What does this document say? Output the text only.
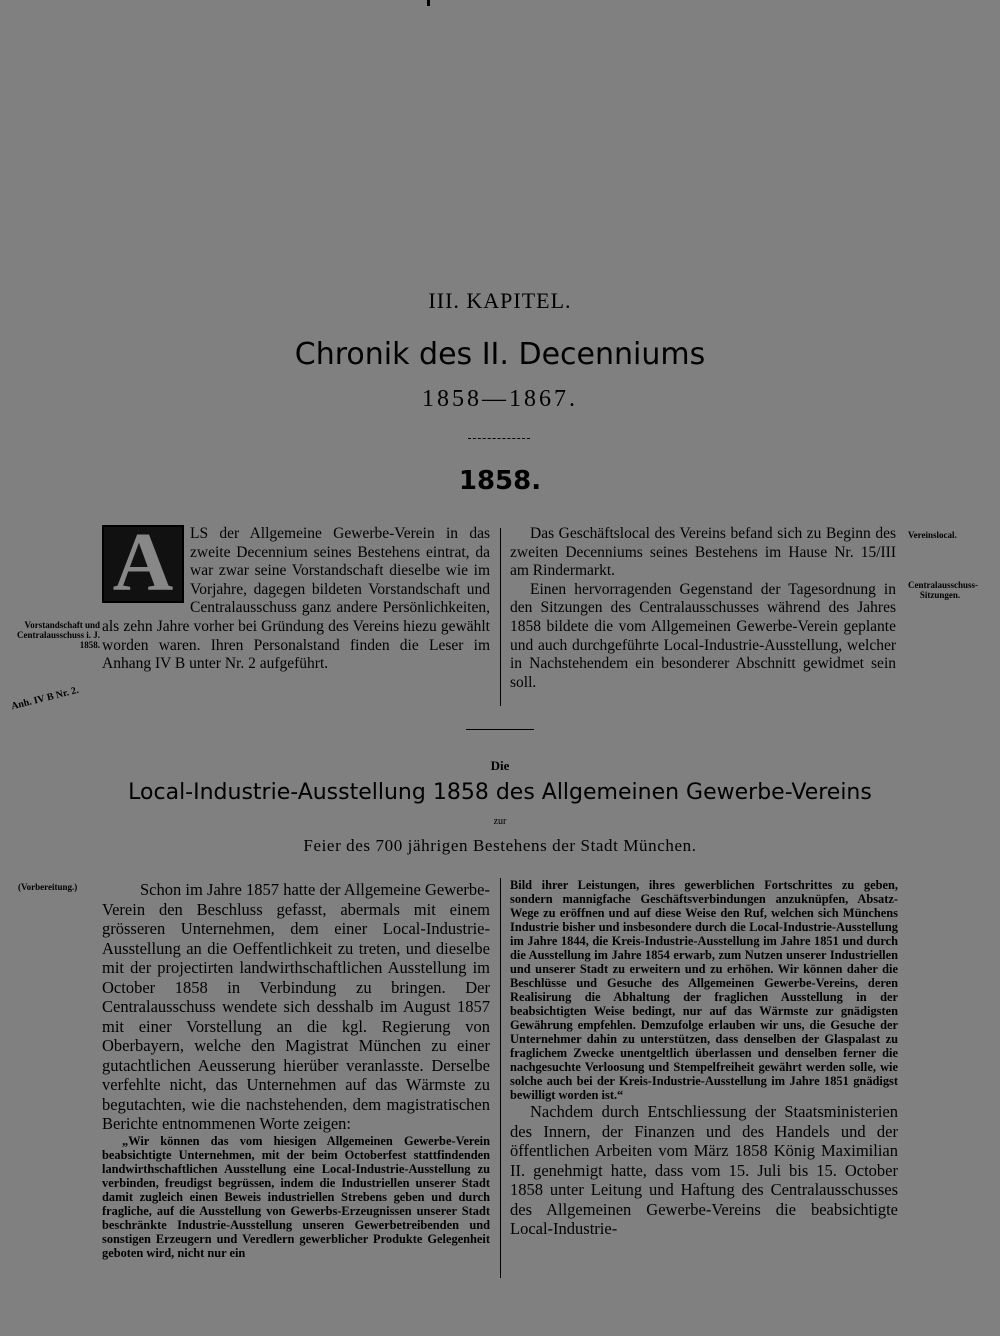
III. KAPITEL.
Chronik des II. Decenniums
1858—1867.
1858.
A	LS der Allgemeine Gewerbe-Verein in das zweite Decennium seines Bestehens eintrat, da war zwar seine Vorstandschaft dieselbe wie im Vorjahre, dagegen bildeten Vorstandschaft und Centralausschuss ganz andere Persönlichkeiten, als zehn Jahre vorher bei Gründung des Vereins hiezu gewählt worden waren. Ihren Personalstand finden die Leser im Anhang IV B unter Nr. 2 aufgeführt.

Das Geschäftslocal des Vereins befand sich zu Beginn des zweiten Decenniums seines Bestehens im Hause Nr. 15/III am Rindermarkt.

Einen hervorragenden Gegenstand der Tagesordnung in den Sitzungen des Centralausschusses während des Jahres 1858 bildete die vom Allgemeinen Gewerbe-Verein geplante und auch durchgeführte Local-Industrie-Ausstellung, welcher in Nachstehendem ein besonderer Abschnitt gewidmet sein soll.

Vorstandschaft und Centralausschuss i. J. 1858.
Anh. IV B Nr. 2.
Vereinslocal.
Centralausschuss-Sitzungen.
Die
Local-Industrie-Ausstellung 1858 des Allgemeinen Gewerbe-Vereins
zur
Feier des 700 jährigen Bestehens der Stadt München.
(Vorbereitung.)	Schon im Jahre 1857 hatte der Allgemeine Gewerbe-Verein den Beschluss gefasst, abermals mit einem grösseren Unternehmen, dem einer Local-Industrie-Ausstellung an die Oeffentlichkeit zu treten, und dieselbe mit der projectirten landwirthschaftlichen Ausstellung im October 1858 in Verbindung zu bringen. Der Centralausschuss wendete sich desshalb im August 1857 mit einer Vorstellung an die kgl. Regierung von Oberbayern, welche den Magistrat München zu einer gutachtlichen Aeusserung hierüber veranlasste. Derselbe verfehlte nicht, das Unternehmen auf das Wärmste zu begutachten, wie die nachstehenden, dem magistratischen Berichte entnommenen Worte zeigen:

„Wir können das vom hiesigen Allgemeinen Gewerbe-Verein beabsichtigte Unternehmen, mit der beim Octoberfest stattfindenden landwirthschaftlichen Ausstellung eine Local-Industrie-Ausstellung zu verbinden, freudigst begrüssen, indem die Industriellen unserer Stadt damit zugleich einen Beweis industriellen Strebens geben und durch fragliche, auf die Ausstellung von Gewerbs-Erzeugnissen unserer Stadt beschränkte Industrie-Ausstellung unseren Gewerbetreibenden und sonstigen Erzeugern und Veredlern gewerblicher Produkte Gelegenheit geboten wird, nicht nur ein

Bild ihrer Leistungen, ihres gewerblichen Fortschrittes zu geben, sondern mannigfache Geschäftsverbindungen anzuknüpfen, Absatz-Wege zu eröffnen und auf diese Weise den Ruf, welchen sich Münchens Industrie bisher und insbesondere durch die Local-Industrie-Ausstellung im Jahre 1844, die Kreis-Industrie-Ausstellung im Jahre 1851 und durch die Ausstellung im Jahre 1854 erwarb, zum Nutzen unserer Industriellen und unserer Stadt zu erweitern und zu erhöhen. Wir können daher die Beschlüsse und Gesuche des Allgemeinen Gewerbe-Vereins, deren Realisirung die Abhaltung der fraglichen Ausstellung in der beabsichtigten Weise bedingt, nur auf das Wärmste zur gnädigsten Gewährung empfehlen. Demzufolge erlauben wir uns, die Gesuche der Unternehmer dahin zu unterstützen, dass denselben der Glaspalast zu fraglichem Zwecke unentgeltlich überlassen und denselben ferner die nachgesuchte Verloosung und Stempelfreiheit gewährt werden solle, wie solche auch bei der Kreis-Industrie-Ausstellung im Jahre 1851 gnädigst bewilligt worden ist.“

Nachdem durch Entschliessung der Staatsministerien des Innern, der Finanzen und des Handels und der öffentlichen Arbeiten vom März 1858 König Maximilian II. genehmigt hatte, dass vom 15. Juli bis 15. October 1858 unter Leitung und Haftung des Centralausschusses des Allgemeinen Gewerbe-Vereins die beabsichtigte Local-Industrie-
